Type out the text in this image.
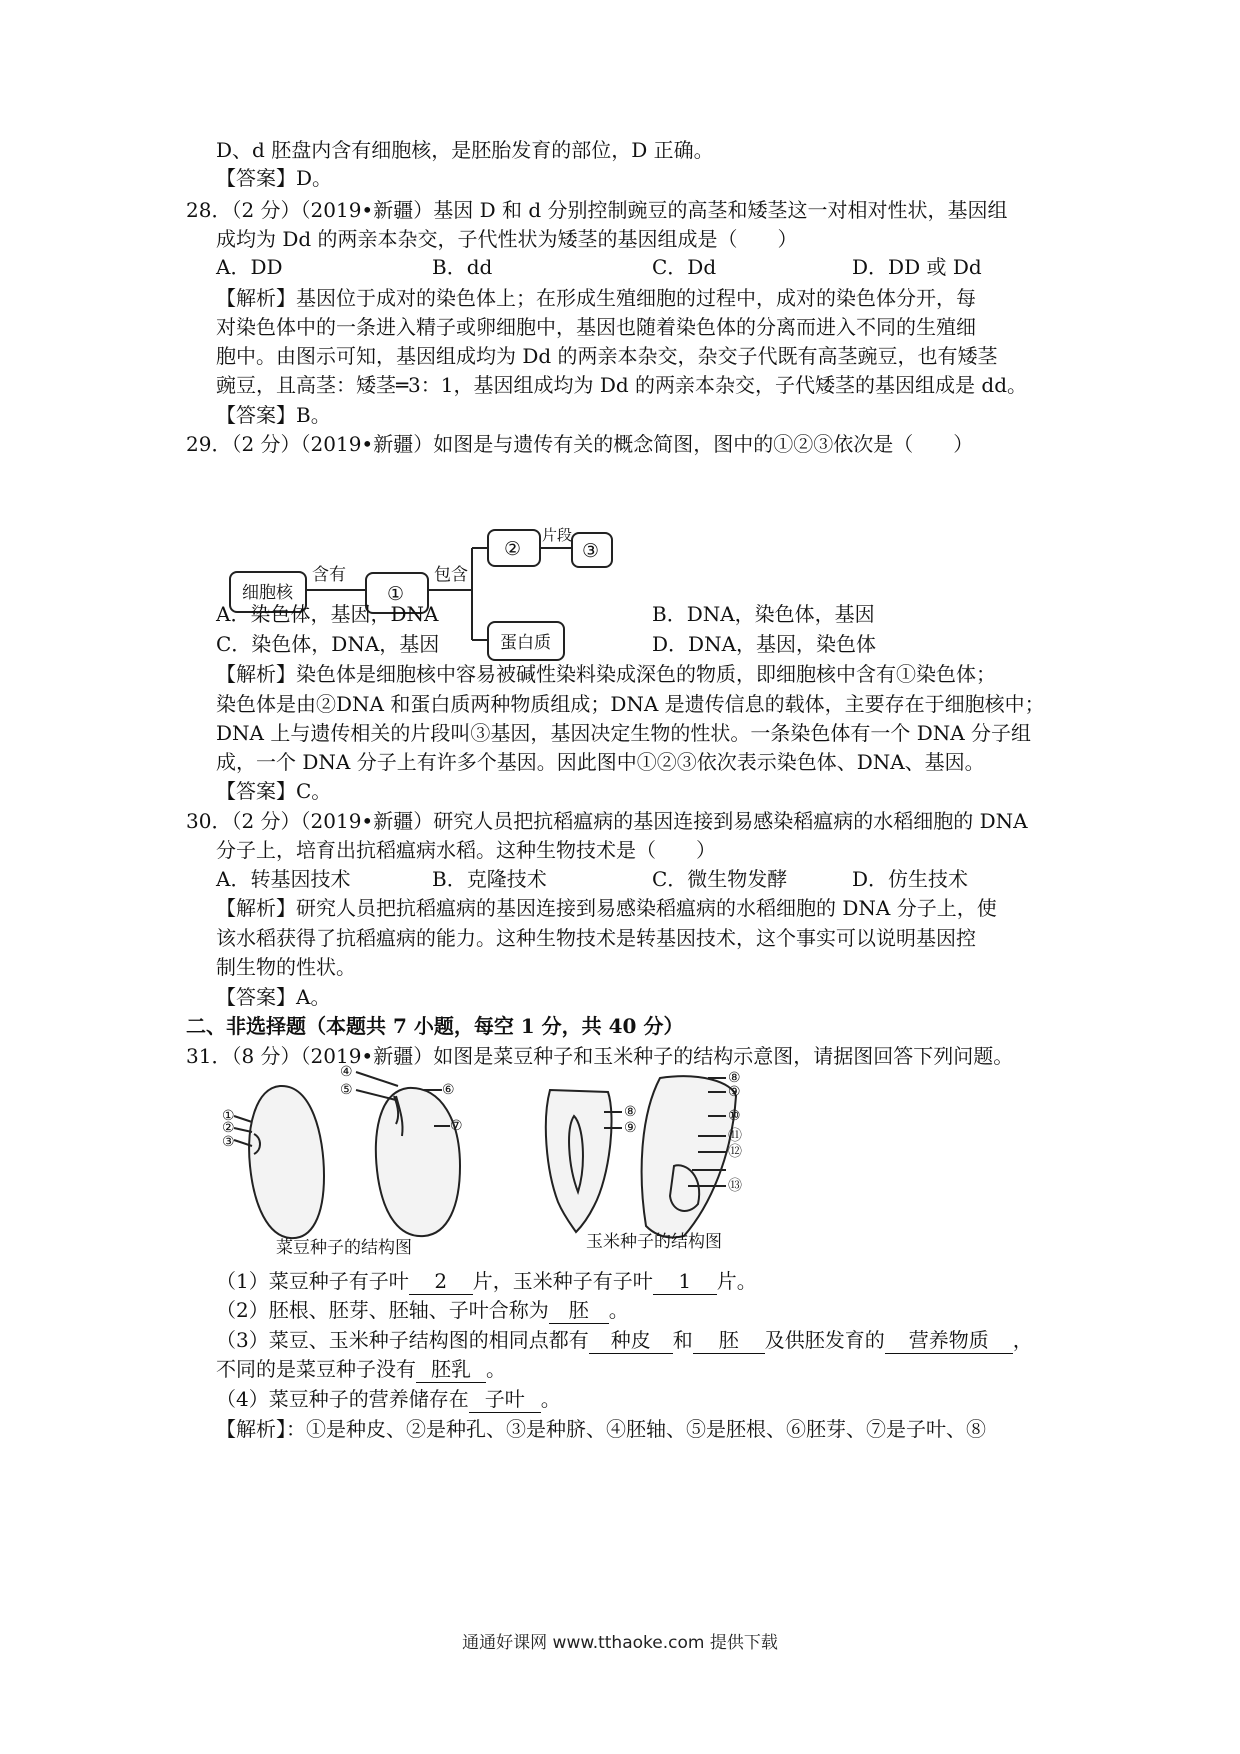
D、d 胚盘内含有细胞核，是胚胎发育的部位，D 正确。
【答案】D。
28．（2 分）（2019•新疆）基因 D 和 d 分别控制豌豆的高茎和矮茎这一对相对性状，基因组
成均为 Dd 的两亲本杂交，子代性状为矮茎的基因组成是（　　）
A．DD	B．dd	C．Dd	D．DD 或 Dd
【解析】基因位于成对的染色体上；在形成生殖细胞的过程中，成对的染色体分开，每
对染色体中的一条进入精子或卵细胞中，基因也随着染色体的分离而进入不同的生殖细
胞中。由图示可知，基因组成均为 Dd 的两亲本杂交，杂交子代既有高茎豌豆，也有矮茎
豌豆，且高茎：矮茎═3：1，基因组成均为 Dd 的两亲本杂交，子代矮茎的基因组成是 dd。
【答案】B。
29．（2 分）（2019•新疆）如图是与遗传有关的概念简图，图中的①②③依次是（　　）
细胞核
含有
①
包含
②
片段
③
蛋白质
A．染色体，基因，DNA	B．DNA，染色体，基因
C．染色体，DNA，基因	D．DNA，基因，染色体
【解析】染色体是细胞核中容易被碱性染料染成深色的物质，即细胞核中含有①染色体；
染色体是由②DNA 和蛋白质两种物质组成；DNA 是遗传信息的载体，主要存在于细胞核中；
DNA 上与遗传相关的片段叫③基因，基因决定生物的性状。一条染色体有一个 DNA 分子组
成，一个 DNA 分子上有许多个基因。因此图中①②③依次表示染色体、DNA、基因。
【答案】C。
30．（2 分）（2019•新疆）研究人员把抗稻瘟病的基因连接到易感染稻瘟病的水稻细胞的 DNA
分子上，培育出抗稻瘟病水稻。这种生物技术是（　　）
A．转基因技术	B．克隆技术	C．微生物发酵	D．仿生技术
【解析】研究人员把抗稻瘟病的基因连接到易感染稻瘟病的水稻细胞的 DNA 分子上，使
该水稻获得了抗稻瘟病的能力。这种生物技术是转基因技术，这个事实可以说明基因控
制生物的性状。
【答案】A。
二、非选择题（本题共 7 小题，每空 1 分，共 40 分）
31．（8 分）（2019•新疆）如图是菜豆种子和玉米种子的结构示意图，请据图回答下列问题。
①
②
③
④
⑤	⑥
⑦
⑧
⑨
⑧
⑨
⑩
⑪
⑫
⑬
菜豆种子的结构图	玉米种子的结构图
（1）菜豆种子有子叶 2 片，玉米种子有子叶 1 片。
（2）胚根、胚芽、胚轴、子叶合称为 胚 。
（3）菜豆、玉米种子结构图的相同点都有 种皮 和 胚 及供胚发育的 营养物质 ，
不同的是菜豆种子没有 胚乳 。
（4）菜豆种子的营养储存在 子叶 。
【解析】：①是种皮、②是种孔、③是种脐、④胚轴、⑤是胚根、⑥胚芽、⑦是子叶、⑧
通通好课网 www.tthaoke.com 提供下载
